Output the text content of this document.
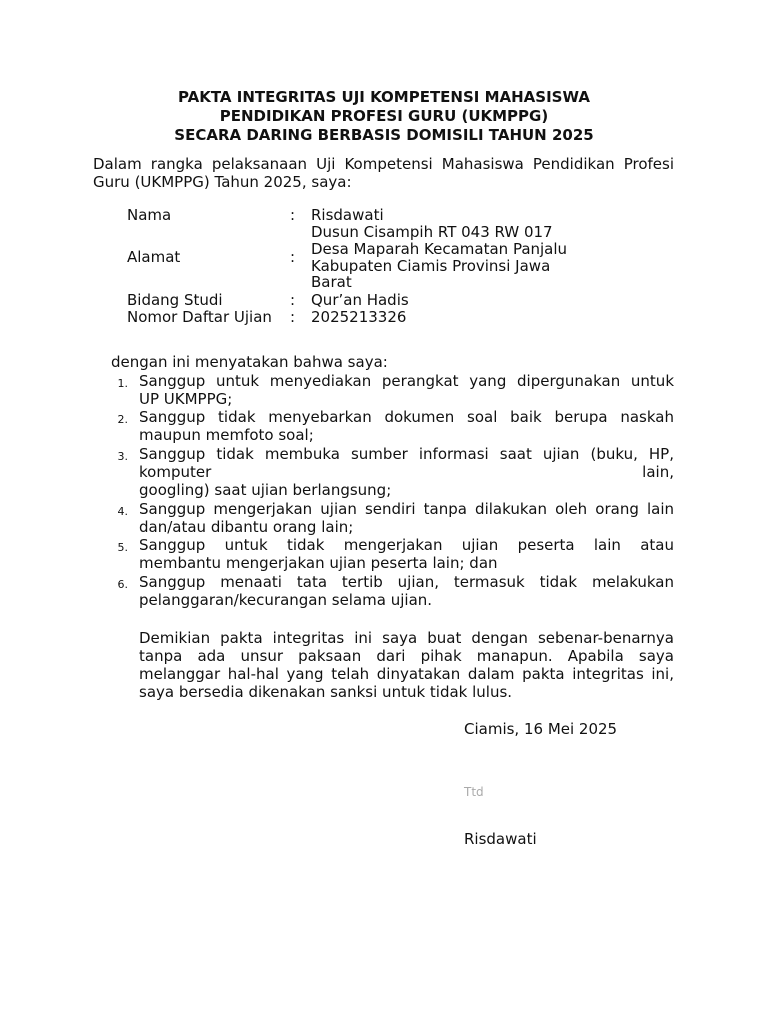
PAKTA INTEGRITAS UJI KOMPETENSI MAHASISWA
PENDIDIKAN PROFESI GURU (UKMPPG)
SECARA DARING BERBASIS DOMISILI TAHUN 2025
Dalam rangka pelaksanaan Uji Kompetensi Mahasiswa Pendidikan Profesi
Guru (UKMPPG) Tahun 2025, saya:
Nama	: Risdawati
Alamat	:
Dusun Cisampih RT 043 RW 017
Desa Maparah Kecamatan Panjalu
Kabupaten Ciamis Provinsi Jawa
Barat
Bidang Studi	: Qur’an Hadis
Nomor Daftar Ujian : 2025213326
dengan ini menyatakan bahwa saya:
1. Sanggup untuk menyediakan perangkat yang dipergunakan untuk
UP UKMPPG;
2. Sanggup tidak menyebarkan dokumen soal baik berupa naskah
maupun memfoto soal;
3. Sanggup tidak membuka sumber informasi saat ujian (buku, HP,
komputer lain,
googling) saat ujian berlangsung;
4. Sanggup mengerjakan ujian sendiri tanpa dilakukan oleh orang lain
dan/atau dibantu orang lain;
5. Sanggup untuk tidak mengerjakan ujian peserta lain atau
membantu mengerjakan ujian peserta lain; dan
6. Sanggup menaati tata tertib ujian, termasuk tidak melakukan
pelanggaran/kecurangan selama ujian.
Demikian pakta integritas ini saya buat dengan sebenar-benarnya
tanpa ada unsur paksaan dari pihak manapun. Apabila saya
melanggar hal-hal yang telah dinyatakan dalam pakta integritas ini,
saya bersedia dikenakan sanksi untuk tidak lulus.
Ciamis, 16 Mei 2025
Ttd
Risdawati
